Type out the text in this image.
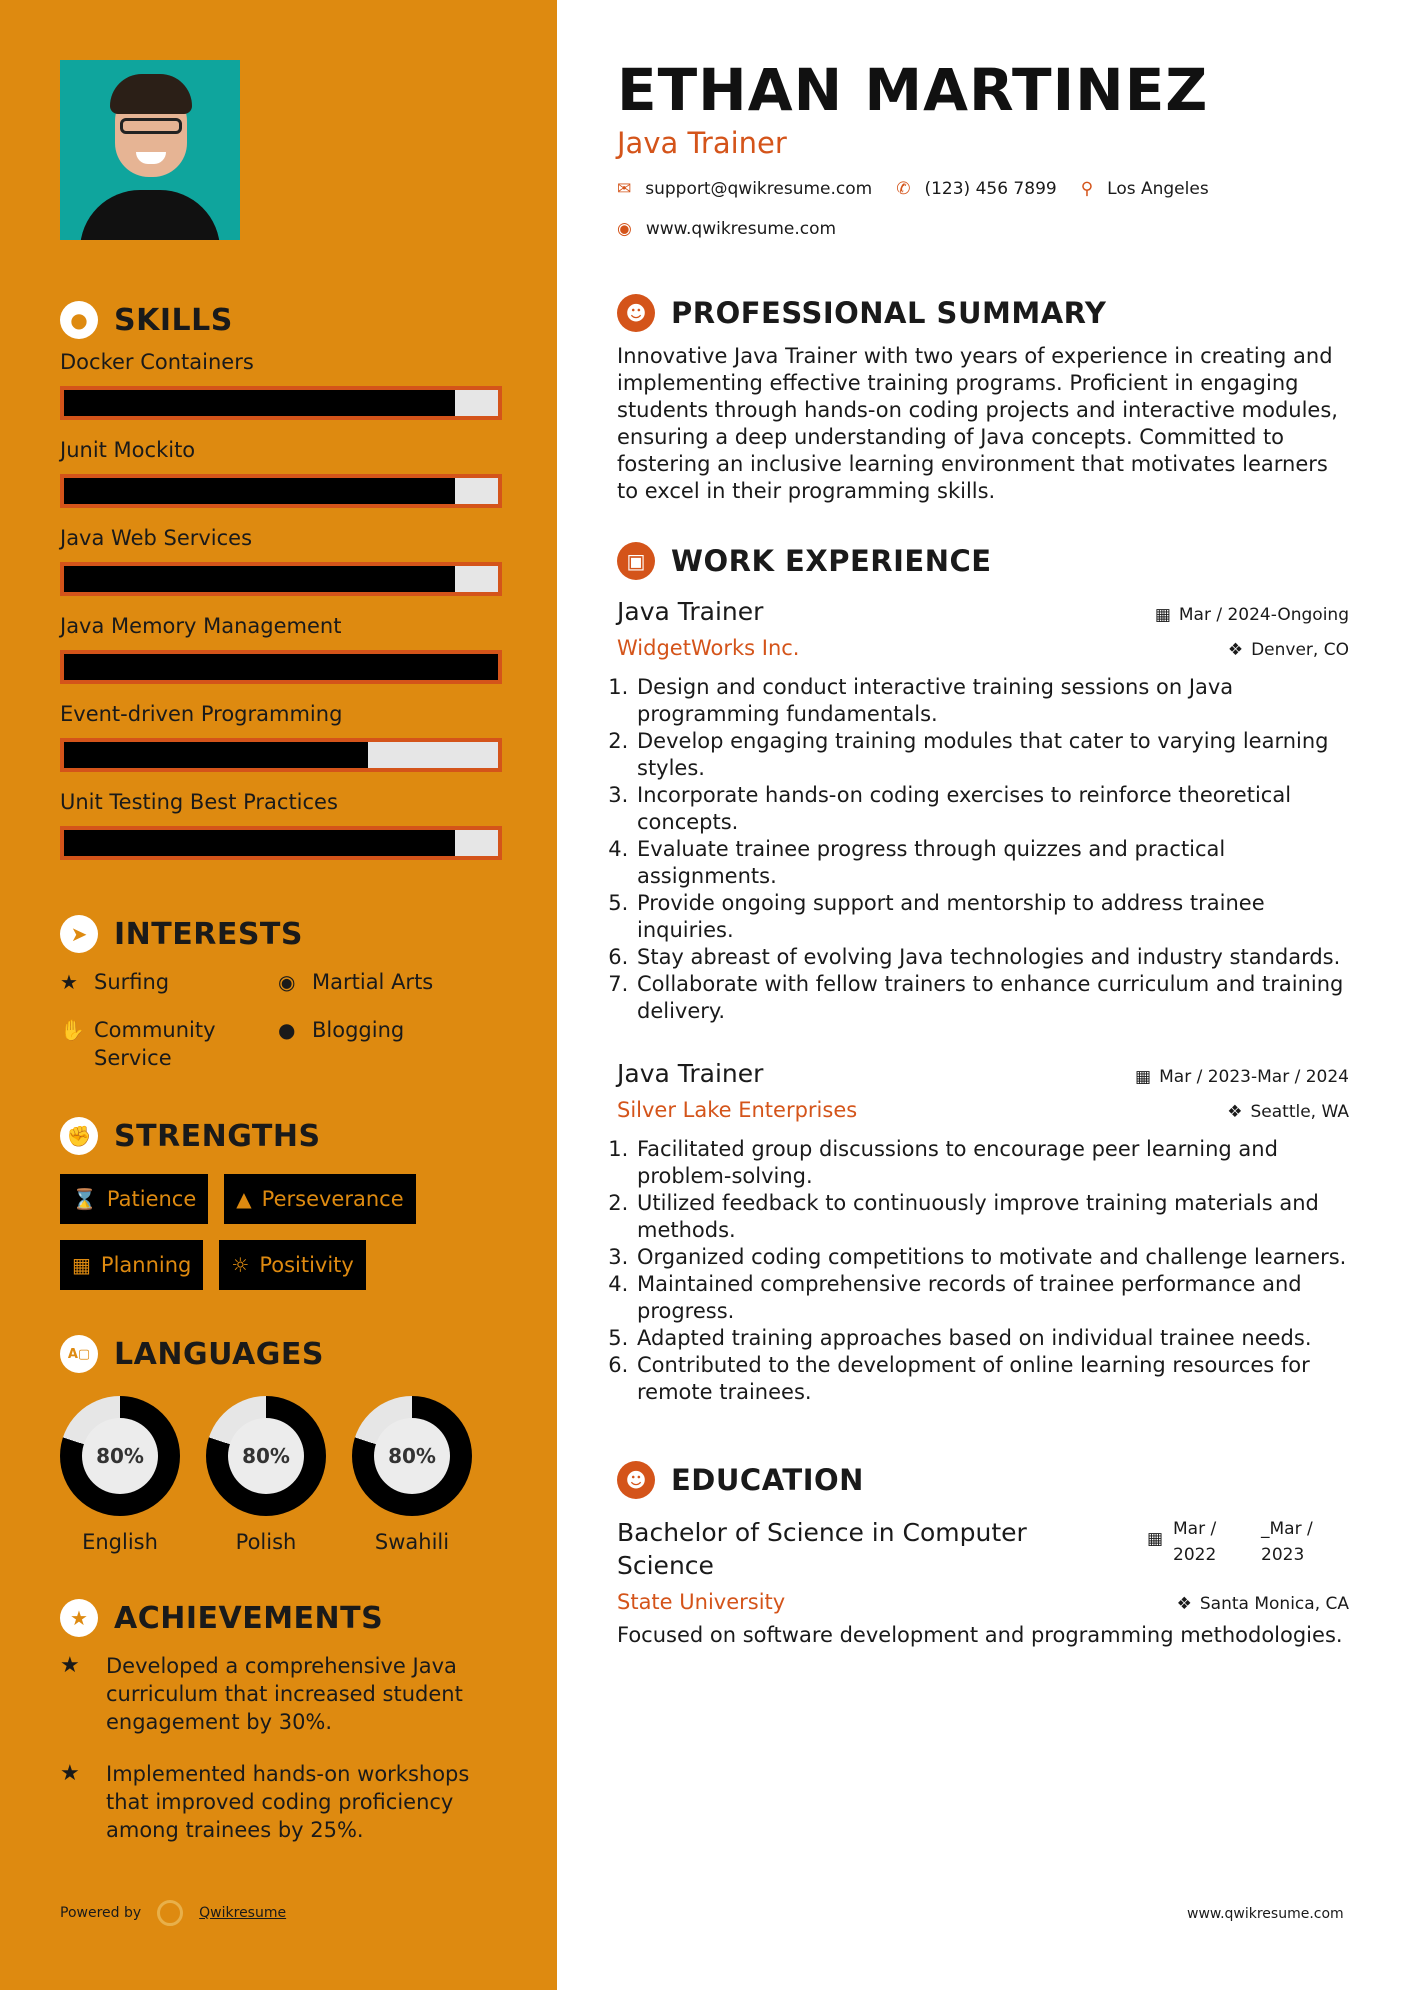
● SKILLS
Docker Containers
Junit Mockito
Java Web Services
Java Memory Management
Event-driven Programming
Unit Testing Best Practices
➤ INTERESTS
★ Surfing	◉ Martial Arts
✋ Community Service
● Blogging
✊ STRENGTHS
⌛ Patience ▲ Perseverance
▦ Planning ☼ Positivity
A▢ LANGUAGES
80%
English
80%
Polish
80%
Swahili
★ ACHIEVEMENTS
★	Developed a comprehensive Java curriculum that increased student engagement by 30%.
★	Implemented hands-on workshops that improved coding proficiency among trainees by 25%.
Powered by	Qwikresume
ETHAN MARTINEZ
Java Trainer
✉ support@qwikresume.com ✆ (123) 456 7899 ⚲ Los Angeles
◉ www.qwikresume.com
☻ PROFESSIONAL SUMMARY
Innovative Java Trainer with two years of experience in creating and implementing effective training programs. Proficient in engaging students through hands-on coding projects and interactive modules, ensuring a deep understanding of Java concepts. Committed to fostering an inclusive learning environment that motivates learners to excel in their programming skills.
▣ WORK EXPERIENCE
Java Trainer	▦ Mar / 2024-Ongoing
WidgetWorks Inc.	❖ Denver, CO
1. Design and conduct interactive training sessions on Java programming fundamentals.
2. Develop engaging training modules that cater to varying learning styles.
3. Incorporate hands-on coding exercises to reinforce theoretical concepts.
4. Evaluate trainee progress through quizzes and practical assignments.
5. Provide ongoing support and mentorship to address trainee inquiries.
6. Stay abreast of evolving Java technologies and industry standards.
7. Collaborate with fellow trainers to enhance curriculum and training delivery.
Java Trainer	▦ Mar / 2023-Mar / 2024
Silver Lake Enterprises	❖ Seattle, WA
1. Facilitated group discussions to encourage peer learning and problem-solving.
2. Utilized feedback to continuously improve training materials and methods.
3. Organized coding competitions to motivate and challenge learners.
4. Maintained comprehensive records of trainee performance and progress.
5. Adapted training approaches based on individual trainee needs.
6. Contributed to the development of online learning resources for remote trainees.
☻ EDUCATION
Bachelor of Science in Computer Science
▦ Mar / 2022
_Mar / 2023
State University	❖ Santa Monica, CA
Focused on software development and programming methodologies.
www.qwikresume.com
